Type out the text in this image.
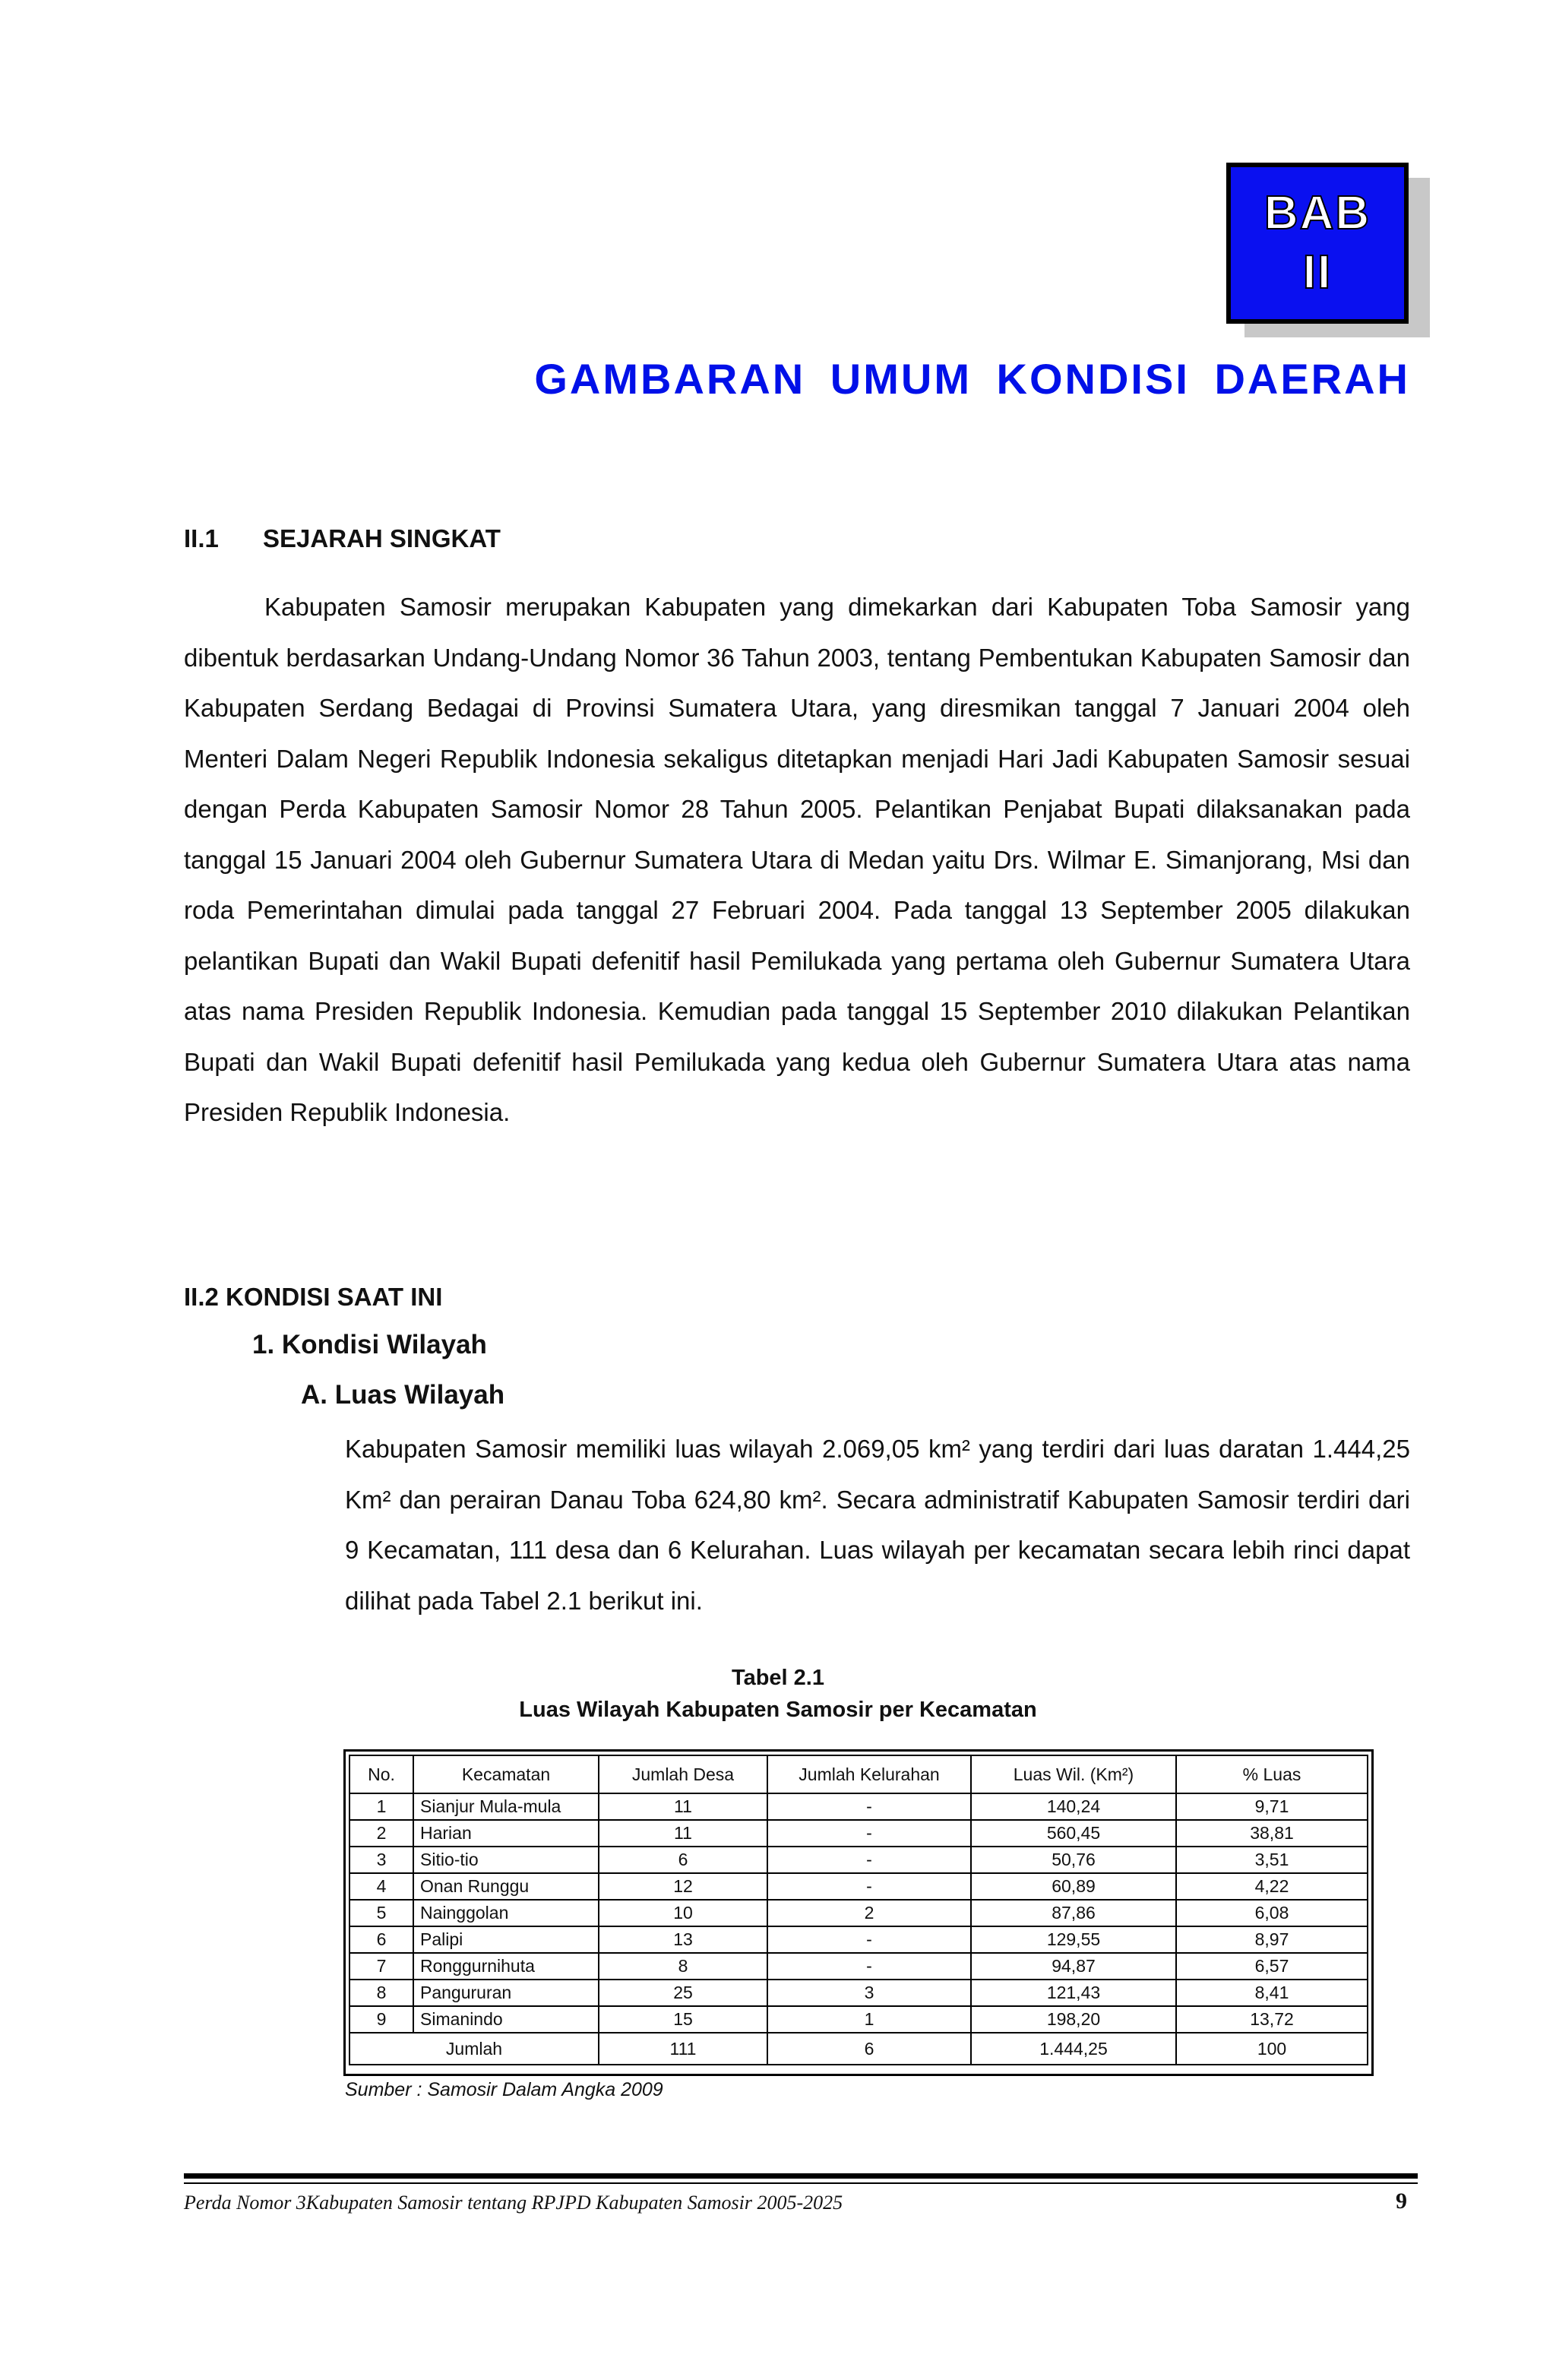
BAB
II
GAMBARAN UMUM KONDISI DAERAH
II.1 SEJARAH SINGKAT

Kabupaten Samosir merupakan Kabupaten yang dimekarkan dari Kabupaten Toba Samosir yang dibentuk berdasarkan Undang-Undang Nomor 36 Tahun 2003, tentang Pembentukan Kabupaten Samosir dan Kabupaten Serdang Bedagai di Provinsi Sumatera Utara, yang diresmikan tanggal 7 Januari 2004 oleh Menteri Dalam Negeri Republik Indonesia sekaligus ditetapkan menjadi Hari Jadi Kabupaten Samosir sesuai dengan Perda Kabupaten Samosir Nomor 28 Tahun 2005. Pelantikan Penjabat Bupati dilaksanakan pada tanggal 15 Januari 2004 oleh Gubernur Sumatera Utara di Medan yaitu Drs. Wilmar E. Simanjorang, Msi dan roda Pemerintahan dimulai pada tanggal 27 Februari 2004. Pada tanggal 13 September 2005 dilakukan pelantikan Bupati dan Wakil Bupati defenitif hasil Pemilukada yang pertama oleh Gubernur Sumatera Utara atas nama Presiden Republik Indonesia. Kemudian pada tanggal 15 September 2010 dilakukan Pelantikan Bupati dan Wakil Bupati defenitif hasil Pemilukada yang kedua oleh Gubernur Sumatera Utara atas nama Presiden Republik Indonesia.

II.2 KONDISI SAAT INI

1. Kondisi Wilayah

A. Luas Wilayah

Kabupaten Samosir memiliki luas wilayah 2.069,05 km² yang terdiri dari luas daratan 1.444,25 Km² dan perairan Danau Toba 624,80 km². Secara administratif Kabupaten Samosir terdiri dari 9 Kecamatan, 111 desa dan 6 Kelurahan. Luas wilayah per kecamatan secara lebih rinci dapat dilihat pada Tabel 2.1 berikut ini.

Tabel 2.1

Luas Wilayah Kabupaten Samosir per Kecamatan

No.	Kecamatan	Jumlah Desa	Jumlah Kelurahan	Luas Wil. (Km²)	% Luas
1	Sianjur Mula-mula	11	-	140,24	9,71
2	Harian	11	-	560,45	38,81
3	Sitio-tio	6	-	50,76	3,51
4	Onan Runggu	12	-	60,89	4,22
5	Nainggolan	10	2	87,86	6,08
6	Palipi	13	-	129,55	8,97
7	Ronggurnihuta	8	-	94,87	6,57
8	Pangururan	25	3	121,43	8,41
9	Simanindo	15	1	198,20	13,72
Jumlah		111	6	1.444,25	100

Sumber : Samosir Dalam Angka 2009

Perda Nomor 3Kabupaten Samosir tentang RPJPD Kabupaten Samosir 2005-2025	9
